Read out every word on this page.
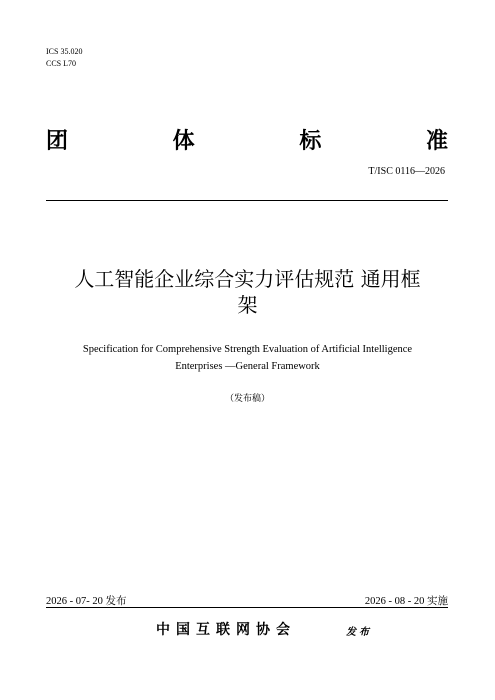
ICS 35.020
CCS L70
团	体	标	准
T/ISC 0116—2026
人工智能企业综合实力评估规范 通用框
架
Specification for Comprehensive Strength Evaluation of Artificial Intelligence
Enterprises —General Framework
（发布稿）
2026 - 07- 20 发布	2026 - 08 - 20 实施
中国互联网协会	发布
